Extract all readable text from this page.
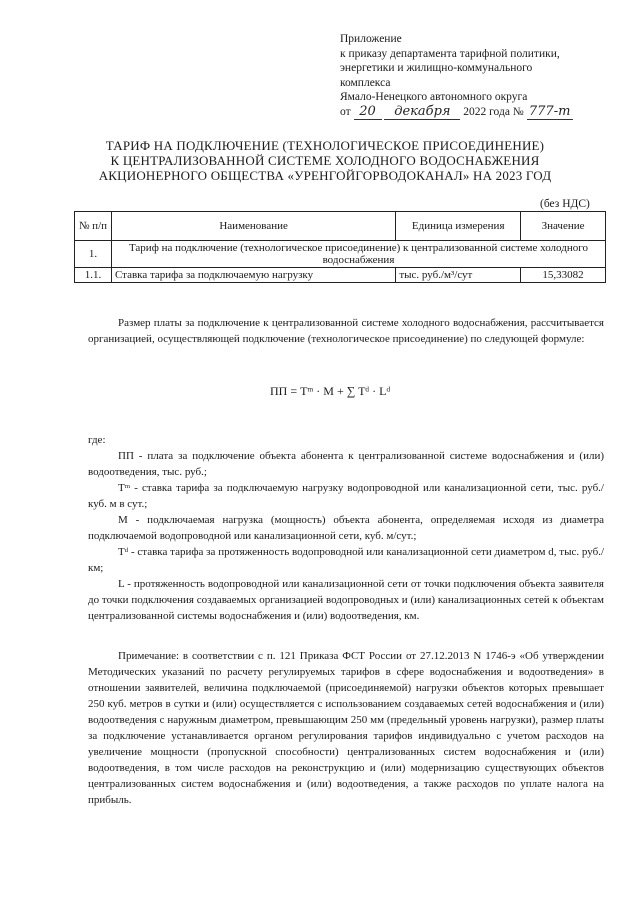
Приложение
к приказу департамента тарифной политики,
энергетики и жилищно-коммунального
комплекса
Ямало-Ненецкого автономного округа
от 20 декабря 2022 года № 777-т
ТАРИФ НА ПОДКЛЮЧЕНИЕ (ТЕХНОЛОГИЧЕСКОЕ ПРИСОЕДИНЕНИЕ)
К ЦЕНТРАЛИЗОВАННОЙ СИСТЕМЕ ХОЛОДНОГО ВОДОСНАБЖЕНИЯ
АКЦИОНЕРНОГО ОБЩЕСТВА «УРЕНГОЙГОРВОДОКАНАЛ» НА 2023 ГОД
(без НДС)
№ п/п	Наименование	Единица измерения	Значение
1.	Тариф на подключение (технологическое присоединение) к централизованной системе холодного водоснабжения		
1.1.	Ставка тарифа за подключаемую нагрузку	тыс. руб./м³/сут	15,33082

Размер платы за подключение к централизованной системе холодного водоснабжения, рассчитывается организацией, осуществляющей подключение (технологическое присоединение) по следующей формуле:

ПП = Tᵐ · M + ∑ Tᵈ · Lᵈ

где:

ПП - плата за подключение объекта абонента к централизованной системе водоснабжения и (или) водоотведения, тыс. руб.;

Tᵐ - ставка тарифа за подключаемую нагрузку водопроводной или канализационной сети, тыс. руб./куб. м в сут.;

М - подключаемая нагрузка (мощность) объекта абонента, определяемая исходя из диаметра подключаемой водопроводной или канализационной сети, куб. м/сут.;

Tᵈ - ставка тарифа за протяженность водопроводной или канализационной сети диаметром d, тыс. руб./км;

L - протяженность водопроводной или канализационной сети от точки подключения объекта заявителя до точки подключения создаваемых организацией водопроводных и (или) канализационных сетей к объектам централизованной системы водоснабжения и (или) водоотведения, км.

Примечание: в соответствии с п. 121 Приказа ФСТ России от 27.12.2013 N 1746-э «Об утверждении Методических указаний по расчету регулируемых тарифов в сфере водоснабжения и водоотведения» в отношении заявителей, величина подключаемой (присоединяемой) нагрузки объектов которых превышает 250 куб. метров в сутки и (или) осуществляется с использованием создаваемых сетей водоснабжения и (или) водоотведения с наружным диаметром, превышающим 250 мм (предельный уровень нагрузки), размер платы за подключение устанавливается органом регулирования тарифов индивидуально с учетом расходов на увеличение мощности (пропускной способности) централизованных систем водоснабжения и (или) водоотведения, в том числе расходов на реконструкцию и (или) модернизацию существующих объектов централизованных систем водоснабжения и (или) водоотведения, а также расходов по уплате налога на прибыль.
